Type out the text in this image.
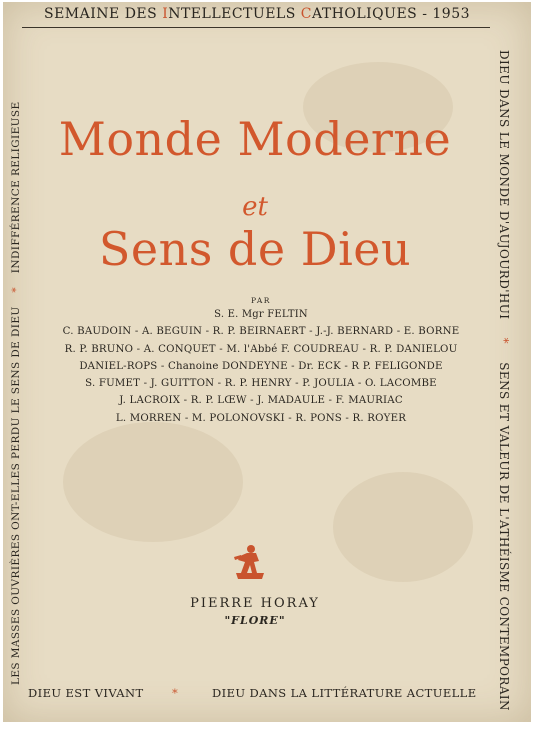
SEMAINE DES INTELLECTUELS CATHOLIQUES - 1953
LES MASSES OUVRIÈRES ONT-ELLES PERDU LE SENS DE DIEU * INDIFFÉRENCE RELIGIEUSE	DIEU DANS LE MONDE D'AUJOURD'HUI * SENS ET VALEUR DE L'ATHÉISME CONTEMPORAIN
Monde Moderne
et
Sens de Dieu
PAR
S. E. Mgr FELTIN
C. BAUDOIN - A. BEGUIN - R. P. BEIRNAERT - J.-J. BERNARD - E. BORNE
R. P. BRUNO - A. CONQUET - M. l'Abbé F. COUDREAU - R. P. DANIELOU
DANIEL-ROPS - Chanoine DONDEYNE - Dr. ECK - R P. FELIGONDE
S. FUMET - J. GUITTON - R. P. HENRY - P. JOULIA - O. LACOMBE
J. LACROIX - R. P. LŒW - J. MADAULE - F. MAURIAC
L. MORREN - M. POLONOVSKI - R. PONS - R. ROYER
PIERRE HORAY
"FLORE"
DIEU EST VIVANT *	DIEU DANS LA LITTÉRATURE ACTUELLE
